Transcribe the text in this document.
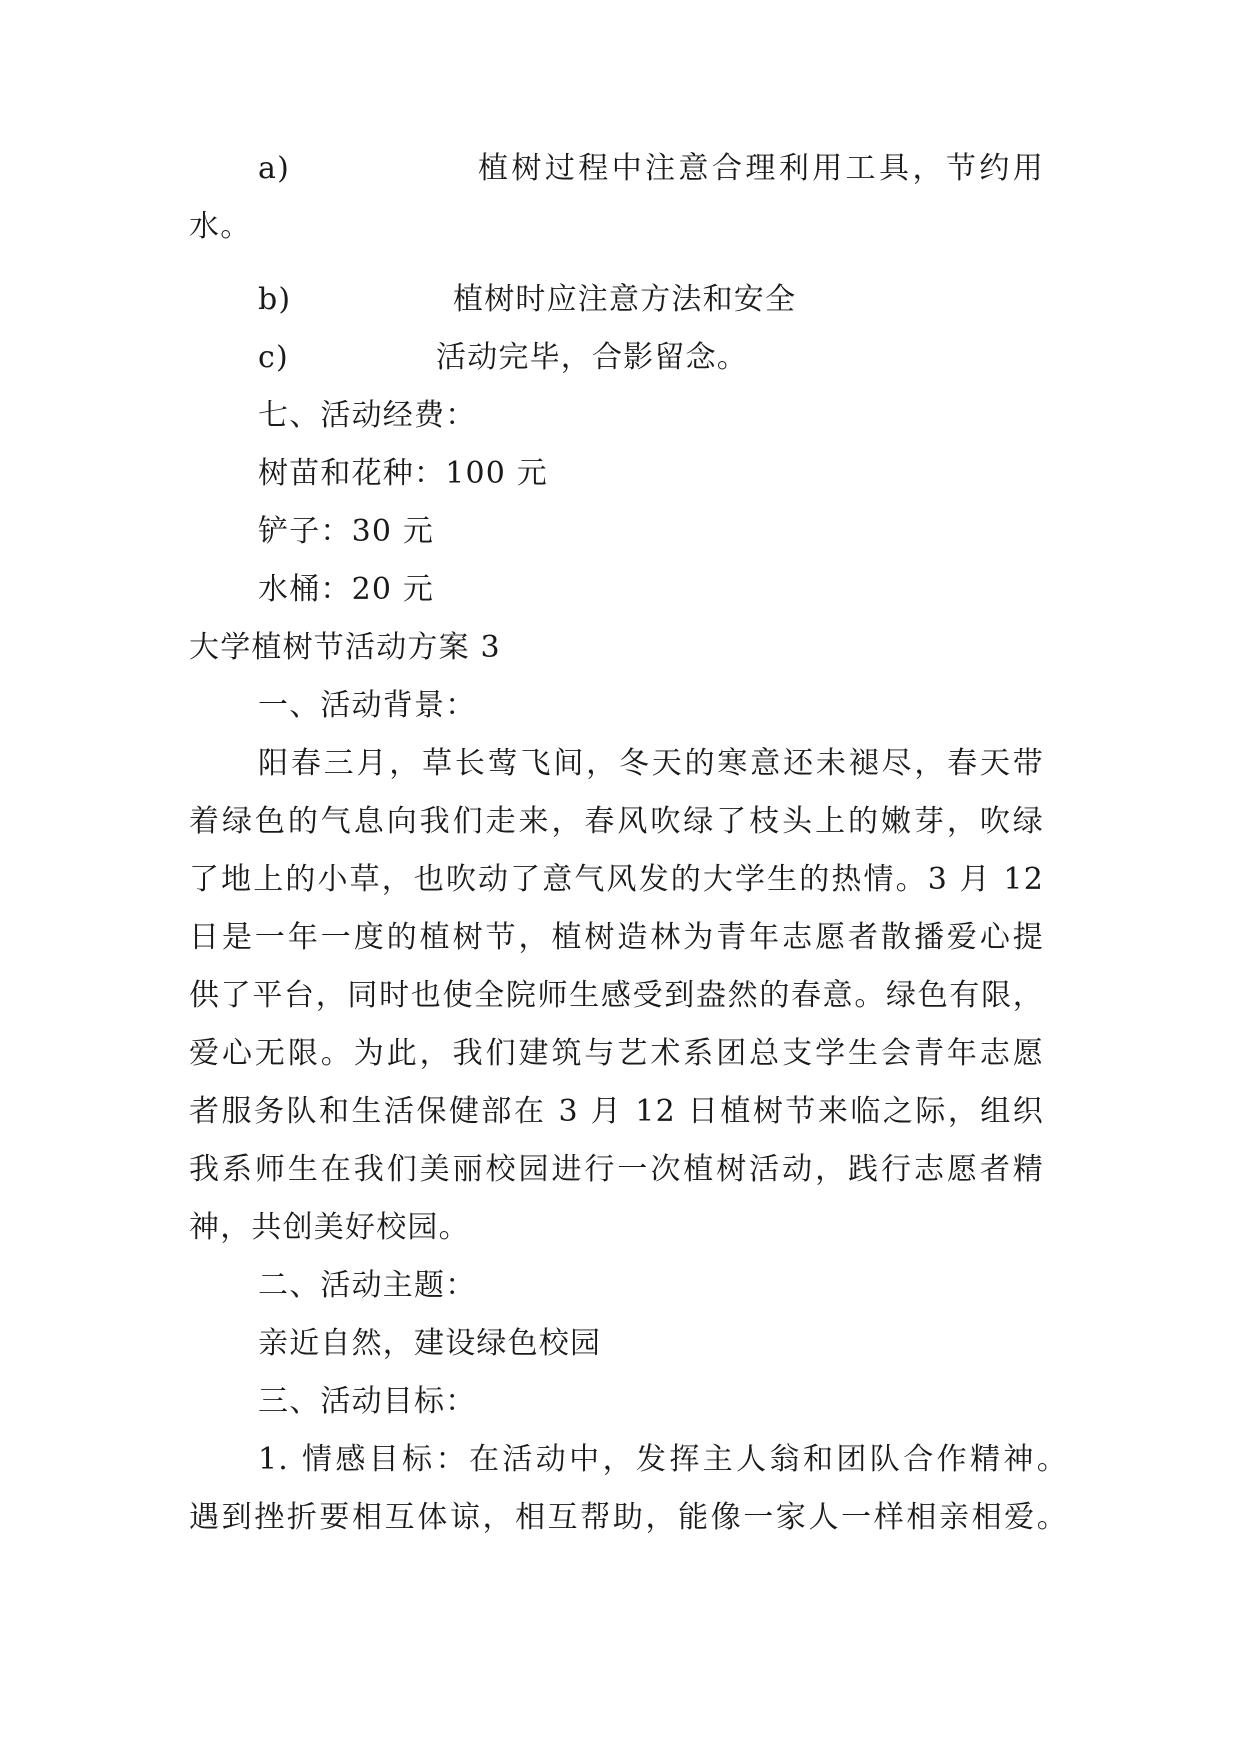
a)	植树过程中注意合理利用工具，节约用
水。
b)	植树时应注意方法和安全
c)	活动完毕，合影留念。
七、活动经费：
树苗和花种：100 元
铲子：30 元
水桶：20 元
大学植树节活动方案 3
一、活动背景：
阳春三月，草长莺飞间，冬天的寒意还未褪尽，春天带
着绿色的气息向我们走来，春风吹绿了枝头上的嫩芽，吹绿
了地上的小草，也吹动了意气风发的大学生的热情。3 月 12
日是一年一度的植树节，植树造林为青年志愿者散播爱心提
供了平台，同时也使全院师生感受到盎然的春意。绿色有限，
爱心无限。为此，我们建筑与艺术系团总支学生会青年志愿
者服务队和生活保健部在 3 月 12 日植树节来临之际，组织
我系师生在我们美丽校园进行一次植树活动，践行志愿者精
神，共创美好校园。
二、活动主题：
亲近自然，建设绿色校园
三、活动目标：
1. 情感目标：在活动中，发挥主人翁和团队合作精神。
遇到挫折要相互体谅，相互帮助，能像一家人一样相亲相爱。
